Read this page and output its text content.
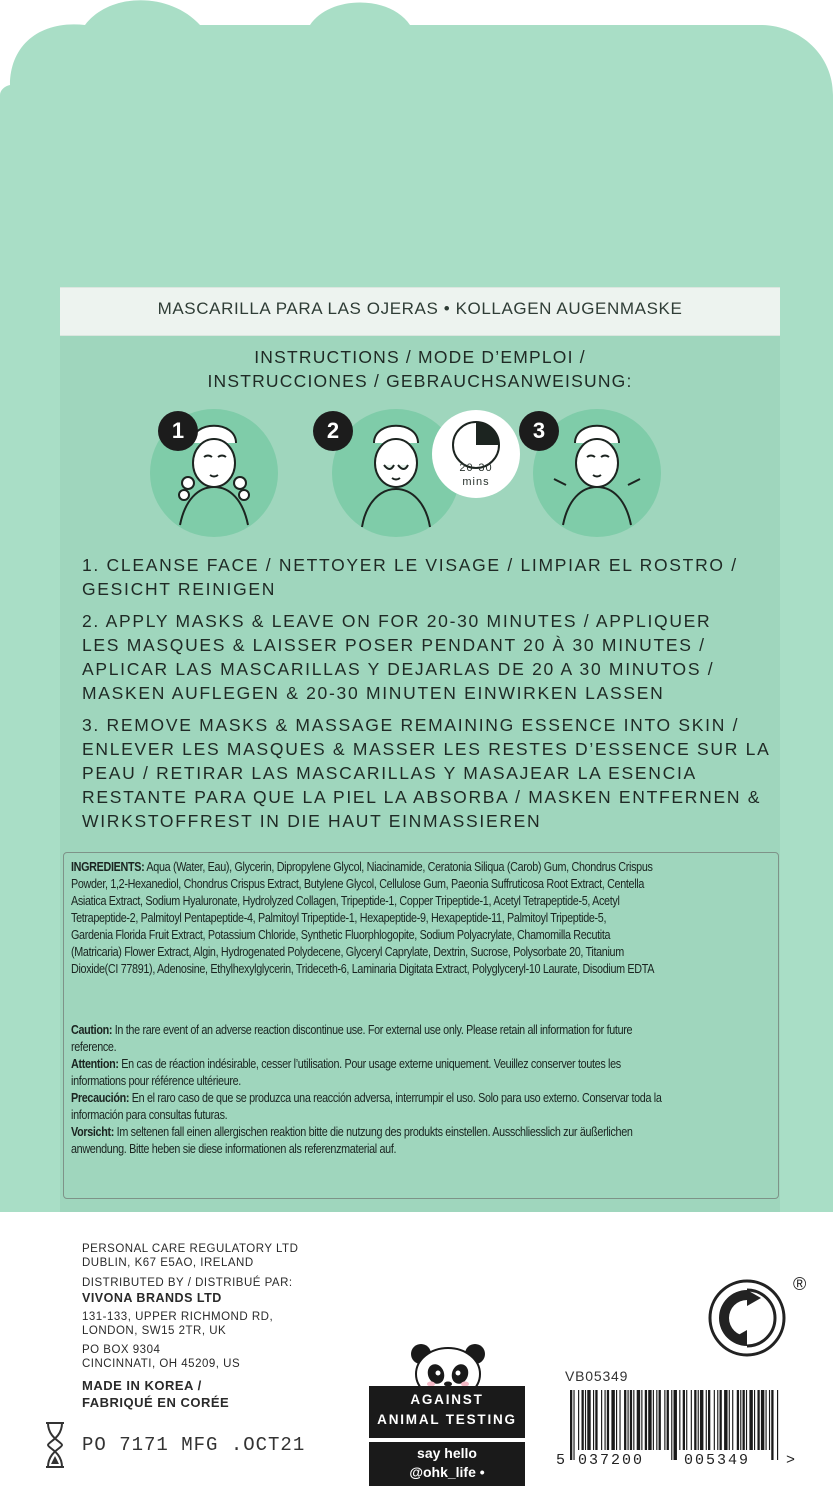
MASCARILLA PARA LAS OJERAS • KOLLAGEN AUGENMASKE
INSTRUCTIONS / MODE D’EMPLOI /
INSTRUCCIONES / GEBRAUCHSANWEISUNG:
1	2	3
20-30
mins
1. CLEANSE FACE / NETTOYER LE VISAGE / LIMPIAR EL ROSTRO /
GESICHT REINIGEN
2. APPLY MASKS & LEAVE ON FOR 20-30 MINUTES / APPLIQUER
LES MASQUES & LAISSER POSER PENDANT 20 À 30 MINUTES /
APLICAR LAS MASCARILLAS Y DEJARLAS DE 20 A 30 MINUTOS /
MASKEN AUFLEGEN & 20-30 MINUTEN EINWIRKEN LASSEN
3. REMOVE MASKS & MASSAGE REMAINING ESSENCE INTO SKIN /
ENLEVER LES MASQUES & MASSER LES RESTES D’ESSENCE SUR LA
PEAU / RETIRAR LAS MASCARILLAS Y MASAJEAR LA ESENCIA
RESTANTE PARA QUE LA PIEL LA ABSORBA / MASKEN ENTFERNEN &
WIRKSTOFFREST IN DIE HAUT EINMASSIEREN
INGREDIENTS: Aqua (Water, Eau), Glycerin, Dipropylene Glycol, Niacinamide, Ceratonia Siliqua (Carob) Gum, Chondrus Crispus
Powder, 1,2-Hexanediol, Chondrus Crispus Extract, Butylene Glycol, Cellulose Gum, Paeonia Suffruticosa Root Extract, Centella
Asiatica Extract, Sodium Hyaluronate, Hydrolyzed Collagen, Tripeptide-1, Copper Tripeptide-1, Acetyl Tetrapeptide-5, Acetyl
Tetrapeptide-2, Palmitoyl Pentapeptide-4, Palmitoyl Tripeptide-1, Hexapeptide-9, Hexapeptide-11, Palmitoyl Tripeptide-5,
Gardenia Florida Fruit Extract, Potassium Chloride, Synthetic Fluorphlogopite, Sodium Polyacrylate, Chamomilla Recutita
(Matricaria) Flower Extract, Algin, Hydrogenated Polydecene, Glyceryl Caprylate, Dextrin, Sucrose, Polysorbate 20, Titanium
Dioxide(CI 77891), Adenosine, Ethylhexylglycerin, Trideceth-6, Laminaria Digitata Extract, Polyglyceryl-10 Laurate, Disodium EDTA
Caution: In the rare event of an adverse reaction discontinue use. For external use only. Please retain all information for future
reference.
Attention: En cas de réaction indésirable, cesser l’utilisation. Pour usage externe uniquement. Veuillez conserver toutes les
informations pour référence ultérieure.
Precaución: En el raro caso de que se produzca una reacción adversa, interrumpir el uso. Solo para uso externo. Conservar toda la
información para consultas futuras.
Vorsicht: Im seltenen fall einen allergischen reaktion bitte die nutzung des produkts einstellen. Ausschliesslich zur äußerlichen
anwendung. Bitte heben sie diese informationen als referenzmaterial auf.
PERSONAL CARE REGULATORY LTD
DUBLIN, K67 E5AO, IRELAND
DISTRIBUTED BY / DISTRIBUÉ PAR:
VIVONA BRANDS LTD
131-133, UPPER RICHMOND RD,
LONDON, SW15 2TR, UK
PO BOX 9304
CINCINNATI, OH 45209, US
MADE IN KOREA /
FABRIQUÉ EN CORÉE
PO 7171 MFG .OCT21
AGAINST
ANIMAL TESTING
say hello
@ohk_life • ohklife.com
®
VB05349
5 037200	005349 >
